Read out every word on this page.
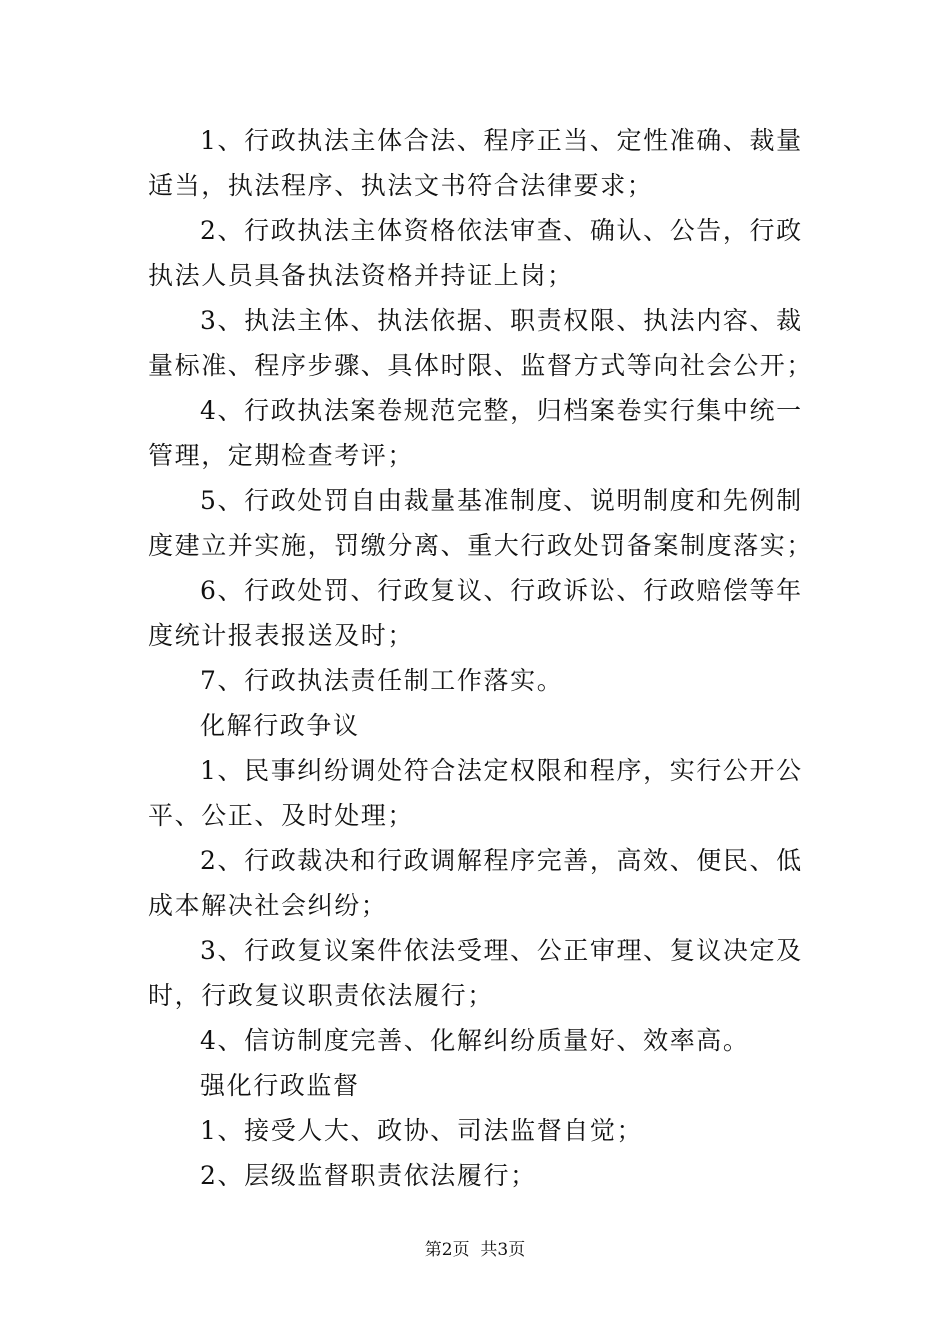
1、行政执法主体合法、程序正当、定性准确、裁量适当，执法程序、执法文书符合法律要求；

2、行政执法主体资格依法审查、确认、公告，行政执法人员具备执法资格并持证上岗；

3、执法主体、执法依据、职责权限、执法内容、裁量标准、程序步骤、具体时限、监督方式等向社会公开；

4、行政执法案卷规范完整，归档案卷实行集中统一管理，定期检查考评；

5、行政处罚自由裁量基准制度、说明制度和先例制度建立并实施，罚缴分离、重大行政处罚备案制度落实；

6、行政处罚、行政复议、行政诉讼、行政赔偿等年度统计报表报送及时；

7、行政执法责任制工作落实。

化解行政争议

1、民事纠纷调处符合法定权限和程序，实行公开公平、公正、及时处理；

2、行政裁决和行政调解程序完善，高效、便民、低成本解决社会纠纷；

3、行政复议案件依法受理、公正审理、复议决定及时，行政复议职责依法履行；

4、信访制度完善、化解纠纷质量好、效率高。

强化行政监督

1、接受人大、政协、司法监督自觉；

2、层级监督职责依法履行；

第2页  共3页
